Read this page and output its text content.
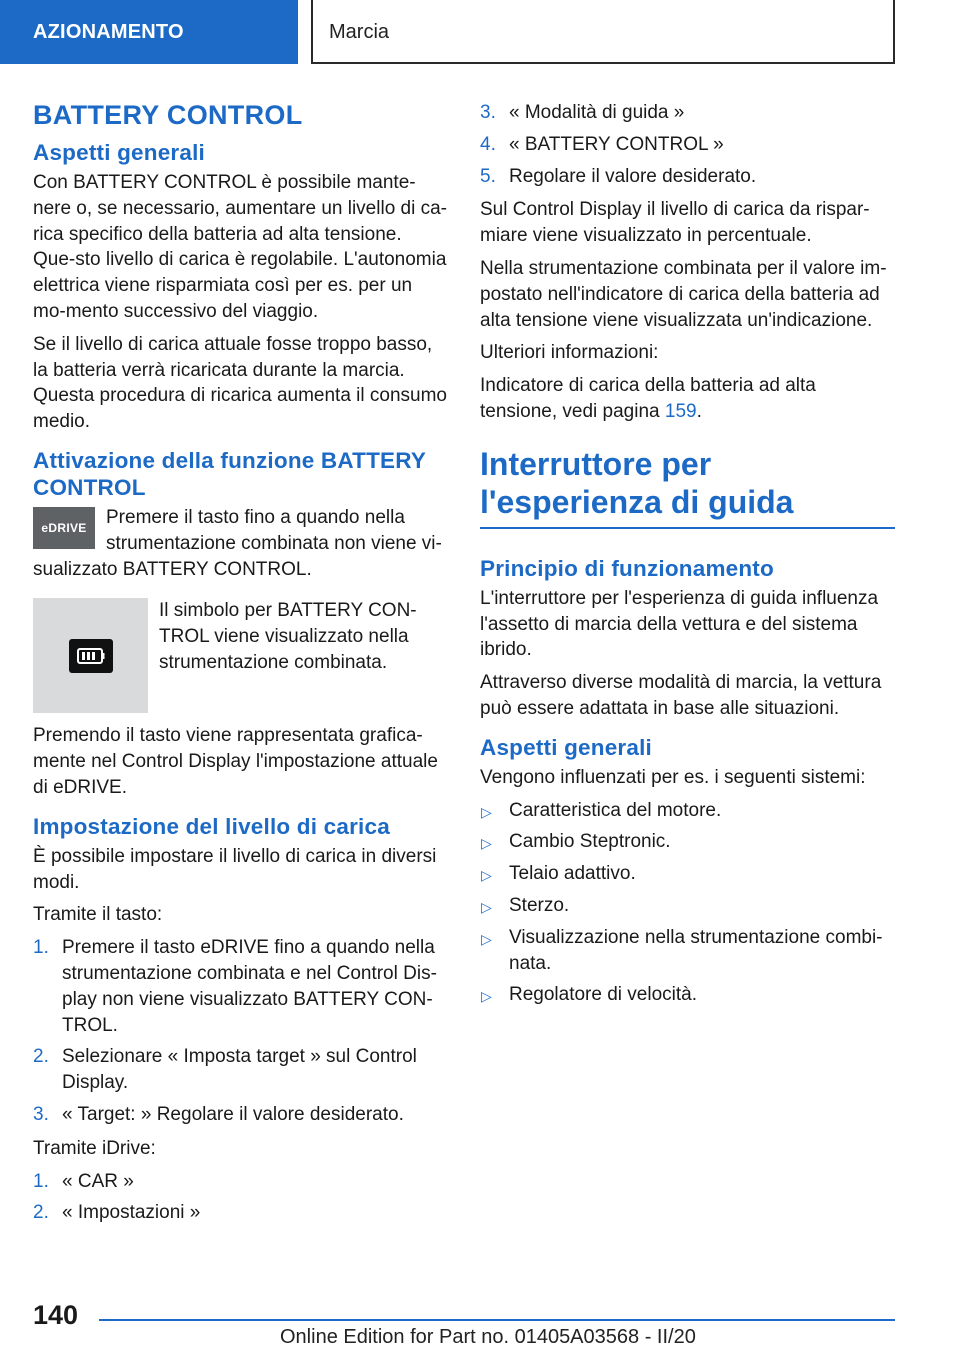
AZIONAMENTO	Marcia
BATTERY CONTROL
Aspetti generali

Con BATTERY CONTROL è possibile mante-nere o, se necessario, aumentare un livello di ca-rica specifico della batteria ad alta tensione. Que-sto livello di carica è regolabile. L'autonomia elettrica viene risparmiata così per es. per un mo-mento successivo del viaggio.

Se il livello di carica attuale fosse troppo basso, la batteria verrà ricaricata durante la marcia. Questa procedura di ricarica aumenta il consumo medio.

Attivazione della funzione BATTERY CONTROL
eDRIVE	Premere il tasto fino a quando nella strumentazione combinata non viene vi-sualizzato BATTERY CONTROL.

Il simbolo per BATTERY CON-TROL viene visualizzato nella strumentazione combinata.

Premendo il tasto viene rappresentata grafica-mente nel Control Display l'impostazione attuale di eDRIVE.

Impostazione del livello di carica

È possibile impostare il livello di carica in diversi modi.

Tramite il tasto:

1. Premere il tasto eDRIVE fino a quando nella strumentazione combinata e nel Control Dis-play non viene visualizzato BATTERY CON-TROL.
2. Selezionare « Imposta target » sul Control Display.
3. « Target: » Regolare il valore desiderato.

Tramite iDrive:

1. « CAR »
2. « Impostazioni »
3. « Modalità di guida »
4. « BATTERY CONTROL »
5. Regolare il valore desiderato.

Sul Control Display il livello di carica da rispar-miare viene visualizzato in percentuale.

Nella strumentazione combinata per il valore im-postato nell'indicatore di carica della batteria ad alta tensione viene visualizzata un'indicazione.

Ulteriori informazioni:

Indicatore di carica della batteria ad alta tensione, vedi pagina 159.

Interruttore per l'esperienza di guida
Principio di funzionamento

L'interruttore per l'esperienza di guida influenza l'assetto di marcia della vettura e del sistema ibrido.

Attraverso diverse modalità di marcia, la vettura può essere adattata in base alle situazioni.

Aspetti generali

Vengono influenzati per es. i seguenti sistemi:

▷ Caratteristica del motore.
▷ Cambio Steptronic.
▷ Telaio adattivo.
▷ Sterzo.
▷ Visualizzazione nella strumentazione combi-nata.
▷ Regolatore di velocità.
140
Online Edition for Part no. 01405A03568 - II/20
